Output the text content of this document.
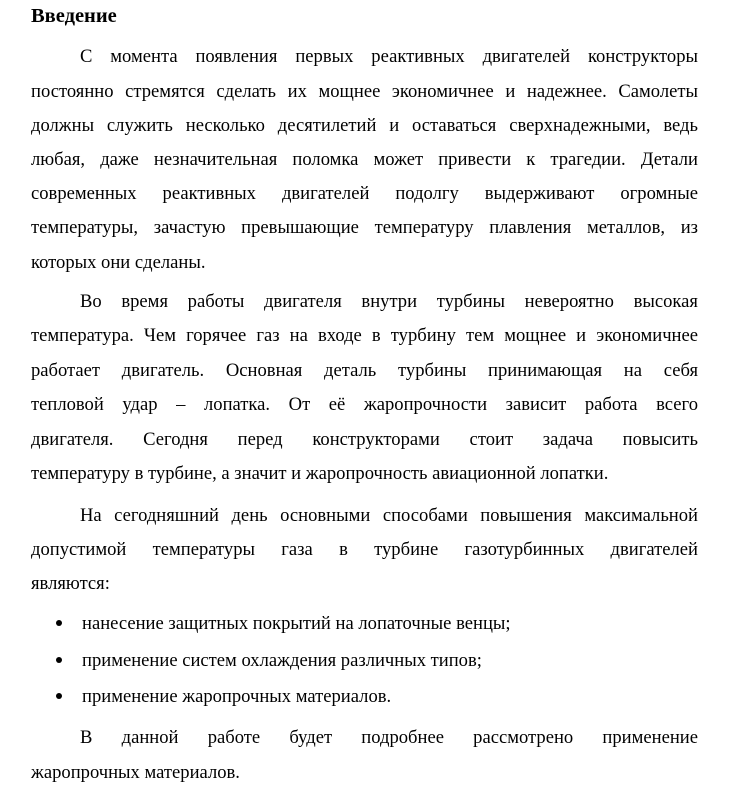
Введение
С момента появления первых реактивных двигателей конструкторы
постоянно стремятся сделать их мощнее экономичнее и надежнее. Самолеты
должны служить несколько десятилетий и оставаться сверхнадежными, ведь
любая, даже незначительная поломка может привести к трагедии. Детали
современных реактивных двигателей подолгу выдерживают огромные
температуры, зачастую превышающие температуру плавления металлов, из
которых они сделаны.
Во время работы двигателя внутри турбины невероятно высокая
температура. Чем горячее газ на входе в турбину тем мощнее и экономичнее
работает двигатель. Основная деталь турбины принимающая на себя
тепловой удар – лопатка. От её жаропрочности зависит работа всего
двигателя. Сегодня перед конструкторами стоит задача повысить
температуру в турбине, а значит и жаропрочность авиационной лопатки.
На сегодняшний день основными способами повышения максимальной
допустимой температуры газа в турбине газотурбинных двигателей
являются:
нанесение защитных покрытий на лопаточные венцы;
применение систем охлаждения различных типов;
применение жаропрочных материалов.
В данной работе будет подробнее рассмотрено применение
жаропрочных материалов.
